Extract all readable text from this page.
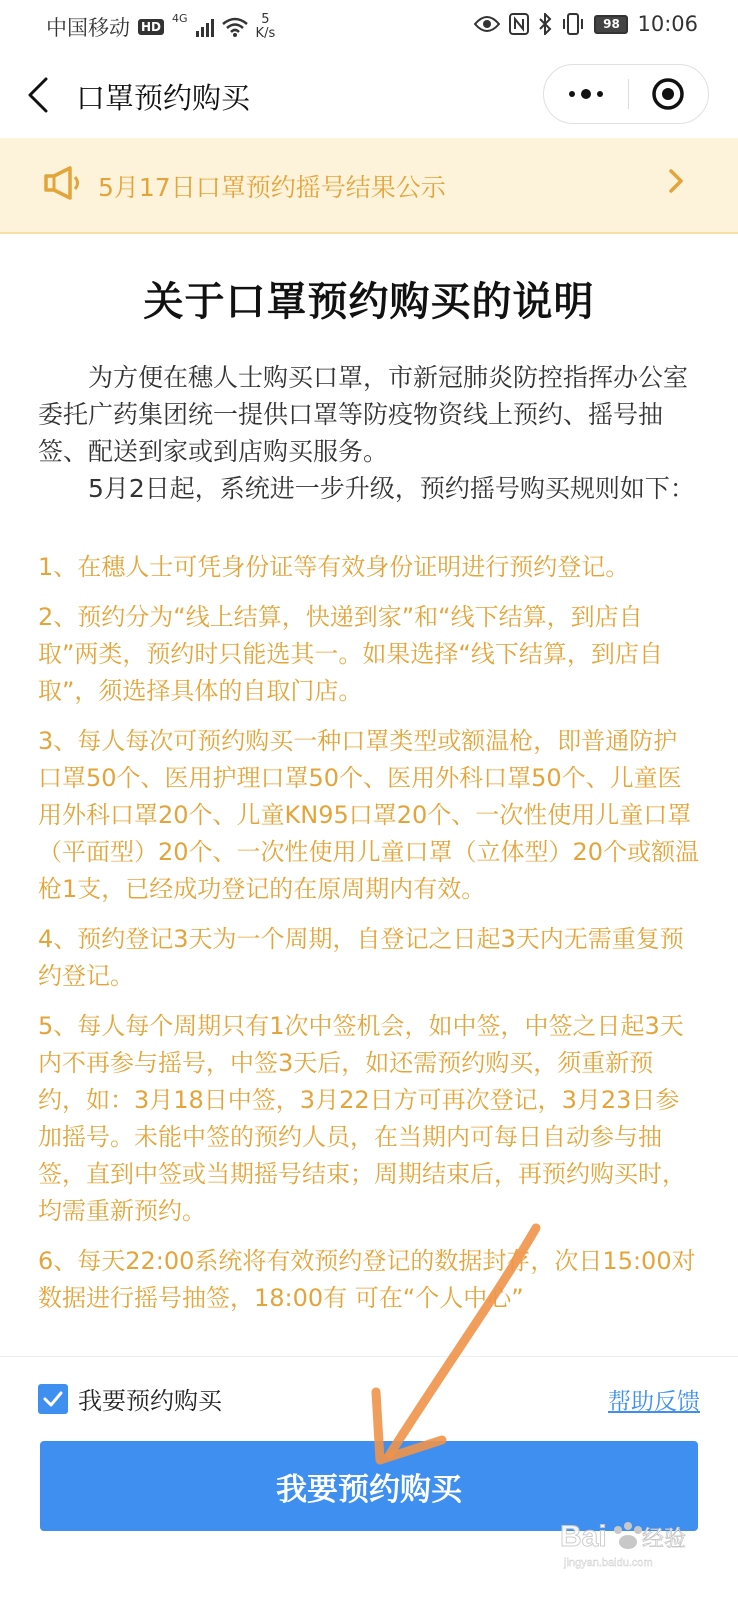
中国移动 HD
4G	5
K/s
98 10:06
口罩预约购买
5月17日口罩预约摇号结果公示
关于口罩预约购买的说明

为方便在穗人士购买口罩，市新冠肺炎防控指挥办公室委托广药集团统一提供口罩等防疫物资线上预约、摇号抽签、配送到家或到店购买服务。

5月2日起，系统进一步升级，预约摇号购买规则如下：

1、在穗人士可凭身份证等有效身份证明进行预约登记。

2、预约分为“线上结算，快递到家”和“线下结算，到店自取”两类，预约时只能选其一。如果选择“线下结算，到店自取”，须选择具体的自取门店。

3、每人每次可预约购买一种口罩类型或额温枪，即普通防护口罩50个、医用护理口罩50个、医用外科口罩50个、儿童医用外科口罩20个、儿童KN95口罩20个、一次性使用儿童口罩（平面型）20个、一次性使用儿童口罩（立体型）20个或额温枪1支，已经成功登记的在原周期内有效。

4、预约登记3天为一个周期，自登记之日起3天内无需重复预约登记。

5、每人每个周期只有1次中签机会，如中签，中签之日起3天内不再参与摇号，中签3天后，如还需预约购买，须重新预约，如：3月18日中签，3月22日方可再次登记，3月23日参加摇号。未能中签的预约人员，在当期内可每日自动参与抽签，直到中签或当期摇号结束；周期结束后，再预约购买时，均需重新预约。

6、每天22:00系统将有效预约登记的数据封存，次日15:00对数据进行摇号抽签，18:00有 可在“个人中心”

我要预约购买	帮助反馈
我要预约购买
Bai 经验
jingyan.baidu.com
